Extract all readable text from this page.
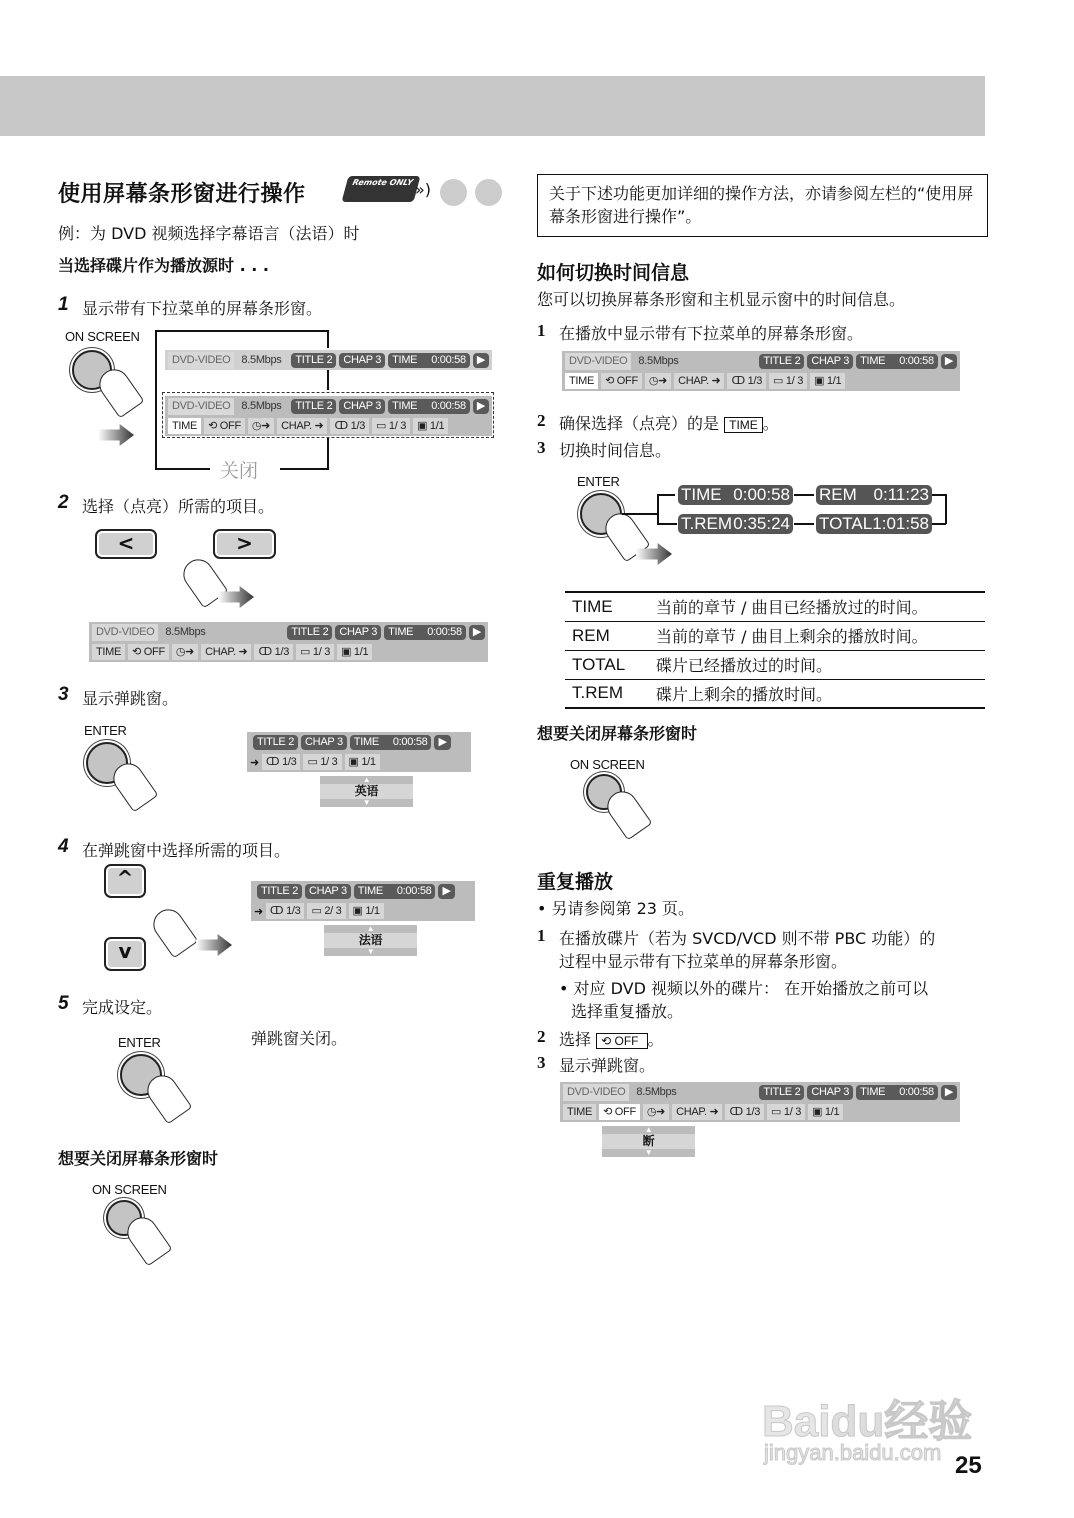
使用屏幕条形窗进行操作	Remote ONLY »)
例：为 DVD 视频选择字幕语言（法语）时
当选择碟片作为播放源时 . . .
1 显示带有下拉菜单的屏幕条形窗。
ON SCREEN
关闭
DVD-VIDEO	8.5Mbps	TITLE 2	CHAP 3	TIME 0:00:58	▶
DVD-VIDEO	8.5Mbps	TITLE 2	CHAP 3	TIME 0:00:58	▶
TIME	⟲ OFF	◷➜	CHAP. ➜	ↀ 1/3	▭ 1/ 3	▣ 1/1
2 选择（点亮）所需的项目。
<	>
DVD-VIDEO	8.5Mbps	TITLE 2	CHAP 3	TIME 0:00:58	▶
TIME	⟲ OFF	◷➜	CHAP. ➜	ↀ 1/3	▭ 1/ 3	▣ 1/1
3 显示弹跳窗。
ENTER
TITLE 2	CHAP 3	TIME 0:00:58	▶
➜ ↀ 1/3	▭ 1/ 3	▣ 1/1
▲
英语
▼
4 在弹跳窗中选择所需的项目。
^
v
TITLE 2	CHAP 3	TIME 0:00:58	▶
➜ ↀ 1/3	▭ 2/ 3	▣ 1/1
▲
法语
▼
5 完成设定。
ENTER	弹跳窗关闭。
想要关闭屏幕条形窗时
ON SCREEN
关于下述功能更加详细的操作方法，亦请参阅左栏的“使用屏幕条形窗进行操作”。
如何切换时间信息
您可以切换屏幕条形窗和主机显示窗中的时间信息。
1 在播放中显示带有下拉菜单的屏幕条形窗。
DVD-VIDEO	8.5Mbps	TITLE 2	CHAP 3	TIME 0:00:58	▶
TIME	⟲ OFF	◷➜	CHAP. ➜	ↀ 1/3	▭ 1/ 3	▣ 1/1
2 确保选择（点亮）的是 TIME 。
3 切换时间信息。
ENTER
TIME 0:00:58 REM 0:11:23
TOTAL 1:01:58
T.REM 0:35:24
TIME	当前的章节 / 曲目已经播放过的时间。
REM	当前的章节 / 曲目上剩余的播放时间。
TOTAL	碟片已经播放过的时间。
T.REM	碟片上剩余的播放时间。
想要关闭屏幕条形窗时
ON SCREEN
重复播放
• 另请参阅第 23 页。
1 在播放碟片（若为 SVCD/VCD 则不带 PBC 功能）的
过程中显示带有下拉菜单的屏幕条形窗。
• 对应 DVD 视频以外的碟片： 在开始播放之前可以
选择重复播放。
2 选择 ⟲ OFF 。
3 显示弹跳窗。
DVD-VIDEO	8.5Mbps	TITLE 2	CHAP 3	TIME 0:00:58	▶
TIME	⟲ OFF	◷➜	CHAP. ➜	ↀ 1/3	▭ 1/ 3	▣ 1/1
▲
断
▼
Baidu经验
jingyan.baidu.com 25
